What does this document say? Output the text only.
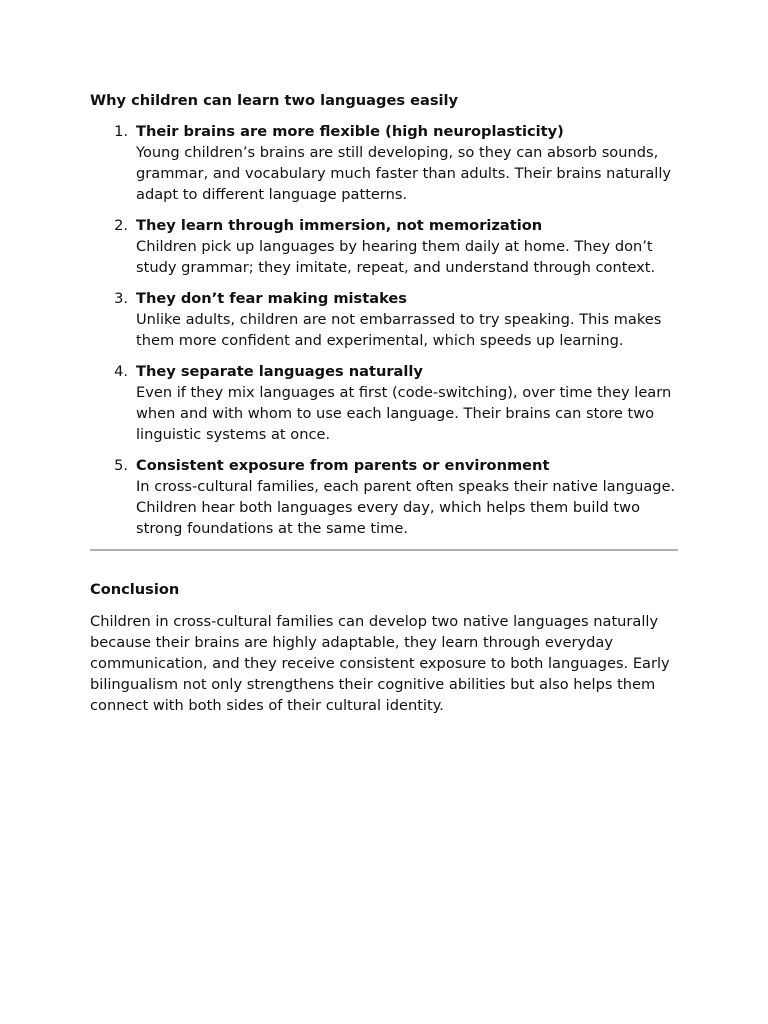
Why children can learn two languages easily
1. Their brains are more flexible (high neuroplasticity)
Young children’s brains are still developing, so they can absorb sounds, grammar, and vocabulary much faster than adults. Their brains naturally adapt to different language patterns.
2. They learn through immersion, not memorization
Children pick up languages by hearing them daily at home. They don’t study grammar; they imitate, repeat, and understand through context.
3. They don’t fear making mistakes
Unlike adults, children are not embarrassed to try speaking. This makes them more confident and experimental, which speeds up learning.
4. They separate languages naturally
Even if they mix languages at first (code-switching), over time they learn when and with whom to use each language. Their brains can store two linguistic systems at once.
5. Consistent exposure from parents or environment
In cross-cultural families, each parent often speaks their native language. Children hear both languages every day, which helps them build two strong foundations at the same time.
Conclusion

Children in cross-cultural families can develop two native languages naturally because their brains are highly adaptable, they learn through everyday communication, and they receive consistent exposure to both languages. Early bilingualism not only strengthens their cognitive abilities but also helps them connect with both sides of their cultural identity.
